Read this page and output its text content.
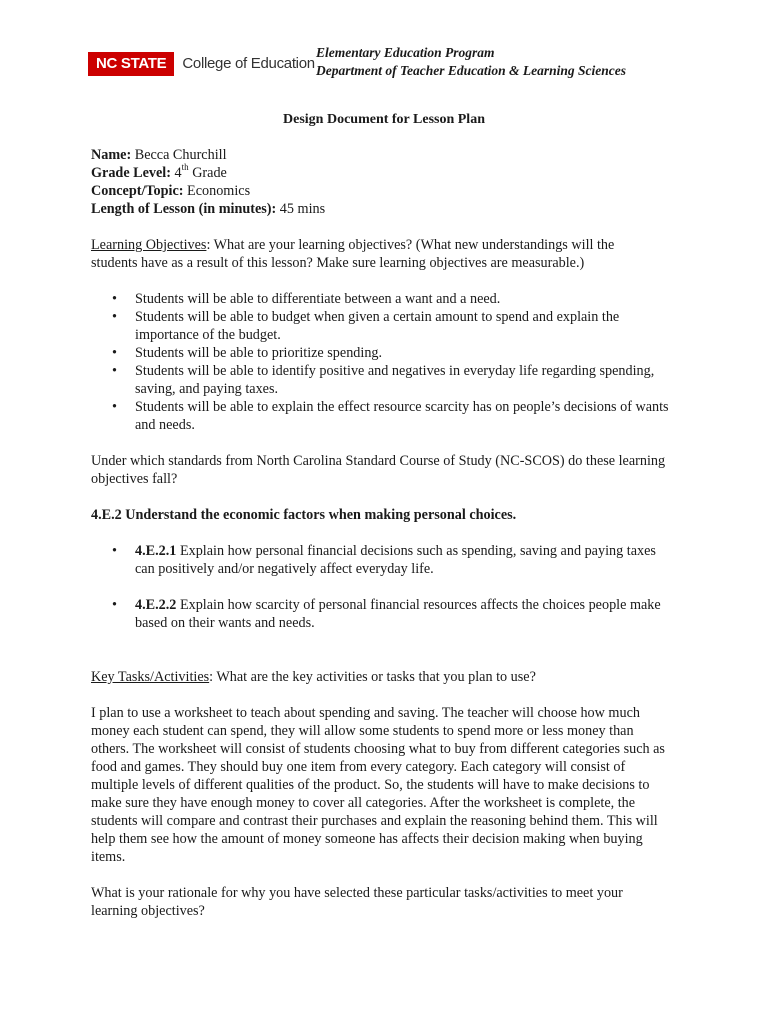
NC STATE	College of Education
Elementary Education Program
Department of Teacher Education & Learning Sciences
Design Document for Lesson Plan

Name: Becca Churchill

Grade Level: 4th Grade

Concept/Topic: Economics

Length of Lesson (in minutes): 45 mins

Learning Objectives: What are your learning objectives? (What new understandings will the

students have as a result of this lesson? Make sure learning objectives are measurable.)

• Students will be able to differentiate between a want and a need.
• Students will be able to budget when given a certain amount to spend and explain the importance of the budget.
• Students will be able to prioritize spending.
• Students will be able to identify positive and negatives in everyday life regarding spending, saving, and paying taxes.
• Students will be able to explain the effect resource scarcity has on people’s decisions of wants and needs.

Under which standards from North Carolina Standard Course of Study (NC-SCOS) do these learning objectives fall?

4.E.2 Understand the economic factors when making personal choices.

• 4.E.2.1 Explain how personal financial decisions such as spending, saving and paying taxes can positively and/or negatively affect everyday life.
• 4.E.2.2 Explain how scarcity of personal financial resources affects the choices people make based on their wants and needs.

Key Tasks/Activities: What are the key activities or tasks that you plan to use?

I plan to use a worksheet to teach about spending and saving. The teacher will choose how much money each student can spend, they will allow some students to spend more or less money than others. The worksheet will consist of students choosing what to buy from different categories such as food and games. They should buy one item from every category. Each category will consist of multiple levels of different qualities of the product. So, the students will have to make decisions to make sure they have enough money to cover all categories. After the worksheet is complete, the students will compare and contrast their purchases and explain the reasoning behind them. This will help them see how the amount of money someone has affects their decision making when buying items.

What is your rationale for why you have selected these particular tasks/activities to meet your learning objectives?
